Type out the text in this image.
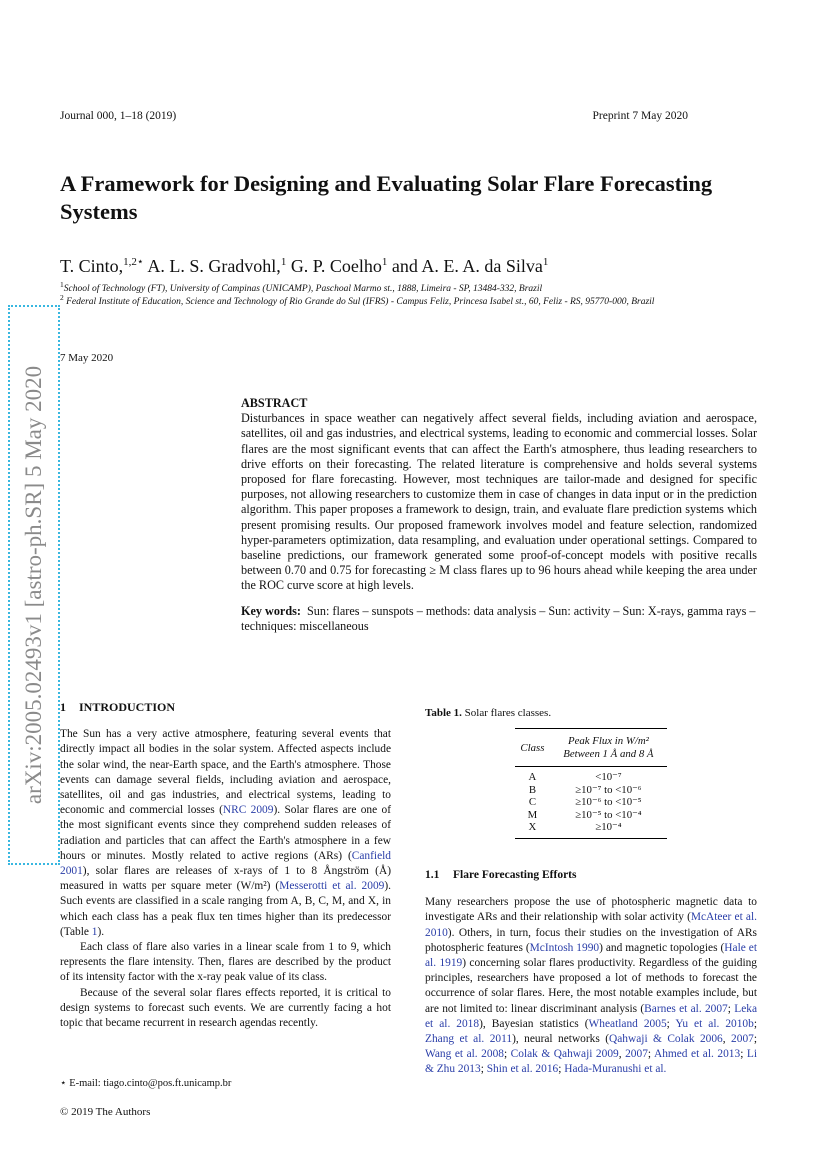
Journal 000, 1–18 (2019)	Preprint 7 May 2020
A Framework for Designing and Evaluating Solar Flare Forecasting Systems
T. Cinto,$^{1,2⋆}$ A. L. S. Gradvohl,$^1$ G. P. Coelho$^1$ and A. E. A. da Silva$^1$
$^1$School of Technology (FT), University of Campinas (UNICAMP), Paschoal Marmo st., 1888, Limeira - SP, 13484-332, Brazil
$^2$ Federal Institute of Education, Science and Technology of Rio Grande do Sul (IFRS) - Campus Feliz, Princesa Isabel st., 60, Feliz - RS, 95770-000, Brazil
7 May 2020
arXiv:2005.02493v1 [astro-ph.SR] 5 May 2020	ABSTRACT
Disturbances in space weather can negatively affect several fields, including aviation and aerospace, satellites, oil and gas industries, and electrical systems, leading to economic and commercial losses. Solar flares are the most significant events that can affect the Earth's atmosphere, thus leading researchers to drive efforts on their forecasting. The related literature is comprehensive and holds several systems proposed for flare forecasting. However, most techniques are tailor-made and designed for specific purposes, not allowing researchers to customize them in case of changes in data input or in the prediction algorithm. This paper proposes a framework to design, train, and evaluate flare prediction systems which present promising results. Our proposed framework involves model and feature selection, randomized hyper-parameters optimization, data resampling, and evaluation under operational settings. Compared to baseline predictions, our framework generated some proof-of-concept models with positive recalls between 0.70 and 0.75 for forecasting ≥ M class flares up to 96 hours ahead while keeping the area under the ROC curve score at high levels.
Key words: Sun: flares – sunspots – methods: data analysis – Sun: activity – Sun: X-rays, gamma rays – techniques: miscellaneous
1 INTRODUCTION

The Sun has a very active atmosphere, featuring several events that directly impact all bodies in the solar system. Affected aspects include the solar wind, the near-Earth space, and the Earth's atmosphere. Those events can damage several fields, including aviation and aerospace, satellites, oil and gas industries, and electrical systems, leading to economic and commercial losses (NRC 2009). Solar flares are one of the most significant events since they comprehend sudden releases of radiation and particles that can affect the Earth's atmosphere in a few hours or minutes. Mostly related to active regions (ARs) (Canfield 2001), solar flares are releases of x-rays of 1 to 8 Ångström (Å) measured in watts per square meter (W/m²) (Messerotti et al. 2009). Such events are classified in a scale ranging from A, B, C, M, and X, in which each class has a peak flux ten times higher than its predecessor (Table 1).

Each class of flare also varies in a linear scale from 1 to 9, which represents the flare intensity. Then, flares are described by the product of its intensity factor with the x-ray peak value of its class.

Because of the several solar flares effects reported, it is critical to design systems to forecast such events. We are currently facing a hot topic that became recurrent in research agendas recently.

⋆ E-mail: tiago.cinto@pos.ft.unicamp.br
© 2019 The Authors
Table 1. Solar flares classes.
Class	Peak Flux in W/m²
Between 1 Å and 8 Å
A	<10⁻⁷
B	≥10⁻⁷ to <10⁻⁶
C	≥10⁻⁶ to <10⁻⁵
M	≥10⁻⁵ to <10⁻⁴
X	≥10⁻⁴
1.1 Flare Forecasting Efforts

Many researchers propose the use of photospheric magnetic data to investigate ARs and their relationship with solar activity (McAteer et al. 2010). Others, in turn, focus their studies on the investigation of ARs photospheric features (McIntosh 1990) and magnetic topologies (Hale et al. 1919) concerning solar flares productivity. Regardless of the guiding principles, researchers have proposed a lot of methods to forecast the occurrence of solar flares. Here, the most notable examples include, but are not limited to: linear discriminant analysis (Barnes et al. 2007; Leka et al. 2018), Bayesian statistics (Wheatland 2005; Yu et al. 2010b; Zhang et al. 2011), neural networks (Qahwaji & Colak 2006, 2007; Wang et al. 2008; Colak & Qahwaji 2009, 2007; Ahmed et al. 2013; Li & Zhu 2013; Shin et al. 2016; Hada-Muranushi et al.
